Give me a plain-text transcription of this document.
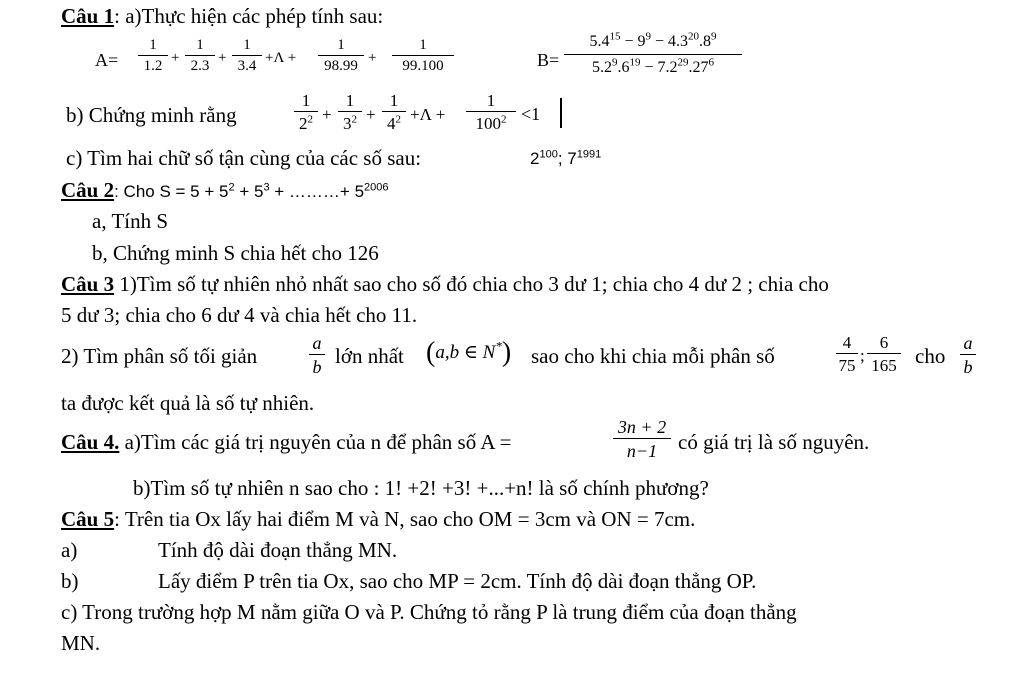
Câu 1: a)Thực hiện các phép tính sau:
A=
1
1.2 +
1
2.3 +
1
3.4 +Λ +
1
98.99 +
1
99.100	B=
$5.4^{15} - 9^9 - 4.3^{20}.8^9$
$5.2^9.6^{19} - 7.2^{29}.27^6$
b) Chứng minh rằng
1
$2^2$ +
1
$3^2$ +
1
$4^2 +\Lambda$ +
1
$100^2 <1$
c) Tìm hai chữ số tận cùng của các số sau:	$2^{100}$; $7^{1991}$
Câu 2: Cho $S = 5 + 5^2 + 5^3$ + ………+ $5^{2006}$
a, Tính S
b, Chứng minh S chia hết cho 126
Câu 3 1)Tìm số tự nhiên nhỏ nhất sao cho số đó chia cho 3 dư 1; chia cho 4 dư 2 ; chia cho
5 dư 3; chia cho 6 dư 4 và chia hết cho 11.
2) Tìm phân số tối giản
a
b lớn nhất (a,b ∈ N*) sao cho khi chia mỗi phân số
4
75
;
6
165 cho
a
b
ta được kết quả là số tự nhiên.
Câu 4. a)Tìm các giá trị nguyên của n để phân số A =
3n + 2
n−1 có giá trị là số nguyên.
b)Tìm số tự nhiên n sao cho : 1! +2! +3! +...+n! là số chính phương?
Câu 5: Trên tia Ox lấy hai điểm M và N, sao cho OM = 3cm và ON = 7cm.
a)	Tính độ dài đoạn thẳng MN.
b)	Lấy điểm P trên tia Ox, sao cho MP = 2cm. Tính độ dài đoạn thẳng OP.
c) Trong trường hợp M nằm giữa O và P. Chứng tỏ rằng P là trung điểm của đoạn thẳng
MN.
